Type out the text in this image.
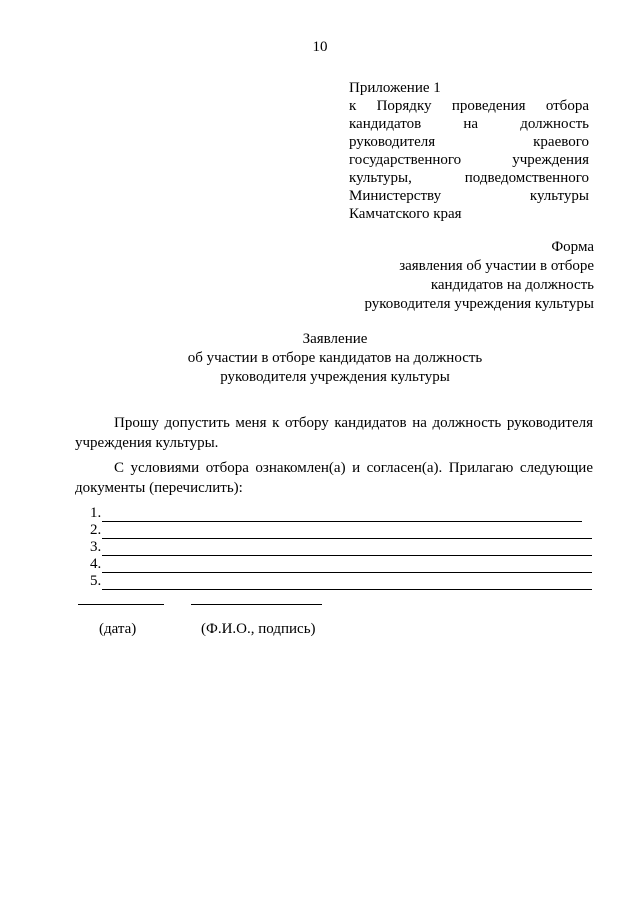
10
Приложение 1
к Порядку проведения отбора
кандидатов	на	должность
руководителя	краевого
государственного	учреждения
культуры,	подведомственного
Министерству	культуры
Камчатского края
Форма
заявления об участии в отборе
кандидатов на должность
руководителя учреждения культуры
Заявление
об участии в отборе кандидатов на должность
руководителя учреждения культуры
Прошу допустить меня к отбору кандидатов на должность руководителя учреждения культуры.
С условиями отбора ознакомлен(а) и согласен(а). Прилагаю следующие документы (перечислить):
1.
2.
3.
4.
5.
(дата)	(Ф.И.О., подпись)
